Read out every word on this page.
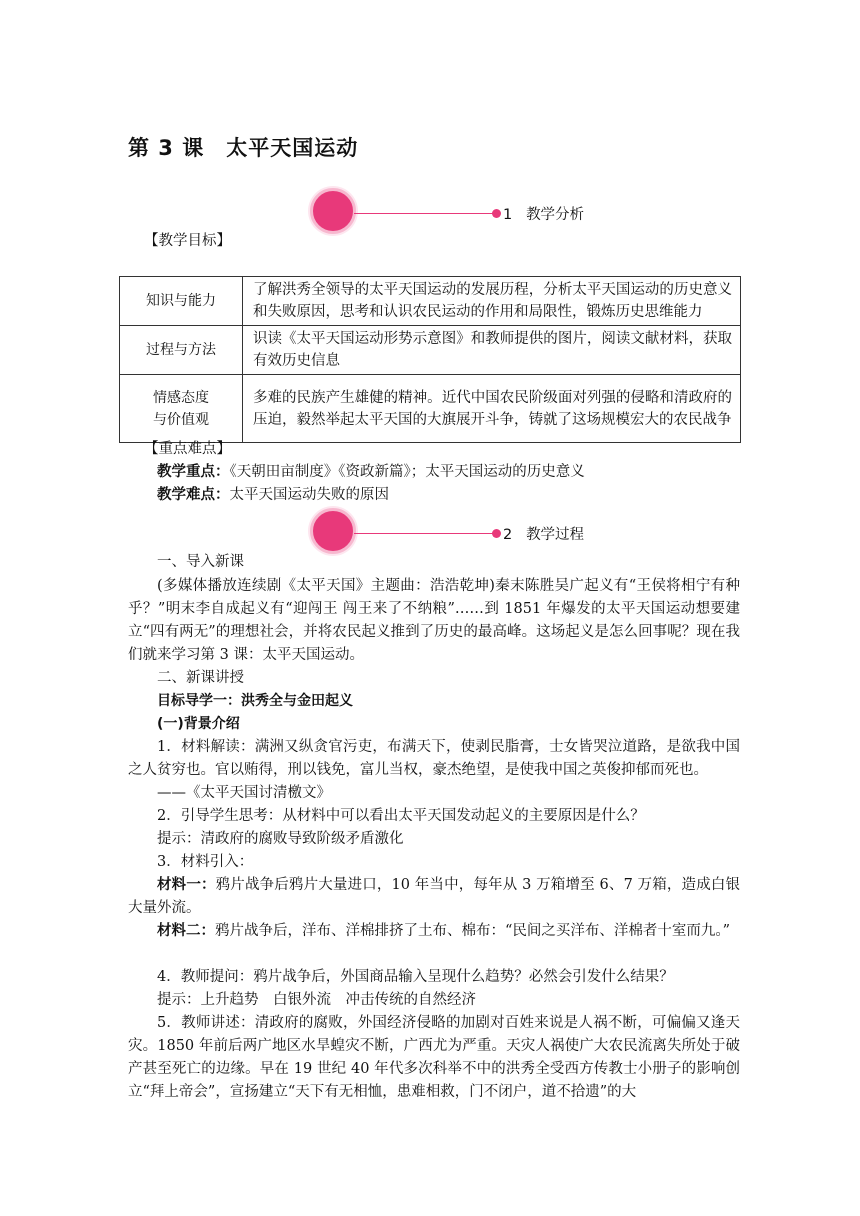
第 3 课　太平天国运动
1 教学分析
【教学目标】
知识与能力	了解洪秀全领导的太平天国运动的发展历程，分析太平天国运动的历史意义和失败原因，思考和认识农民运动的作用和局限性，锻炼历史思维能力
过程与方法	识读《太平天国运动形势示意图》和教师提供的图片，阅读文献材料，获取有效历史信息
情感态度
与价值观	多难的民族产生雄健的精神。近代中国农民阶级面对列强的侵略和清政府的压迫，毅然举起太平天国的大旗展开斗争，铸就了这场规模宏大的农民战争
【重点难点】
教学重点：《天朝田亩制度》《资政新篇》；太平天国运动的历史意义
教学难点：太平天国运动失败的原因
2 教学过程
一、导入新课
(多媒体播放连续剧《太平天国》主题曲：浩浩乾坤)秦末陈胜吴广起义有“王侯将相宁有种乎？”明末李自成起义有“迎闯王 闯王来了不纳粮”……到 1851 年爆发的太平天国运动想要建立“四有两无”的理想社会，并将农民起义推到了历史的最高峰。这场起义是怎么回事呢？现在我们就来学习第 3 课：太平天国运动。
二、新课讲授
目标导学一：洪秀全与金田起义
(一)背景介绍
1．材料解读：满洲又纵贪官污吏，布满天下，使剥民脂膏，士女皆哭泣道路，是欲我中国之人贫穷也。官以贿得，刑以钱免，富儿当权，豪杰绝望，是使我中国之英俊抑郁而死也。
——《太平天国讨清檄文》
2．引导学生思考：从材料中可以看出太平天国发动起义的主要原因是什么？
提示：清政府的腐败导致阶级矛盾激化
3．材料引入：
材料一：鸦片战争后鸦片大量进口，10 年当中，每年从 3 万箱增至 6、7 万箱，造成白银大量外流。
材料二：鸦片战争后，洋布、洋棉排挤了土布、棉布：“民间之买洋布、洋棉者十室而九。”
4．教师提问：鸦片战争后，外国商品输入呈现什么趋势？必然会引发什么结果？
提示：上升趋势　白银外流　冲击传统的自然经济
5．教师讲述：清政府的腐败，外国经济侵略的加剧对百姓来说是人祸不断，可偏偏又逢天灾。1850 年前后两广地区水旱蝗灾不断，广西尤为严重。天灾人祸使广大农民流离失所处于破产甚至死亡的边缘。早在 19 世纪 40 年代多次科举不中的洪秀全受西方传教士小册子的影响创立“拜上帝会”，宣扬建立“天下有无相恤，患难相救，门不闭户，道不拾遗”的大
